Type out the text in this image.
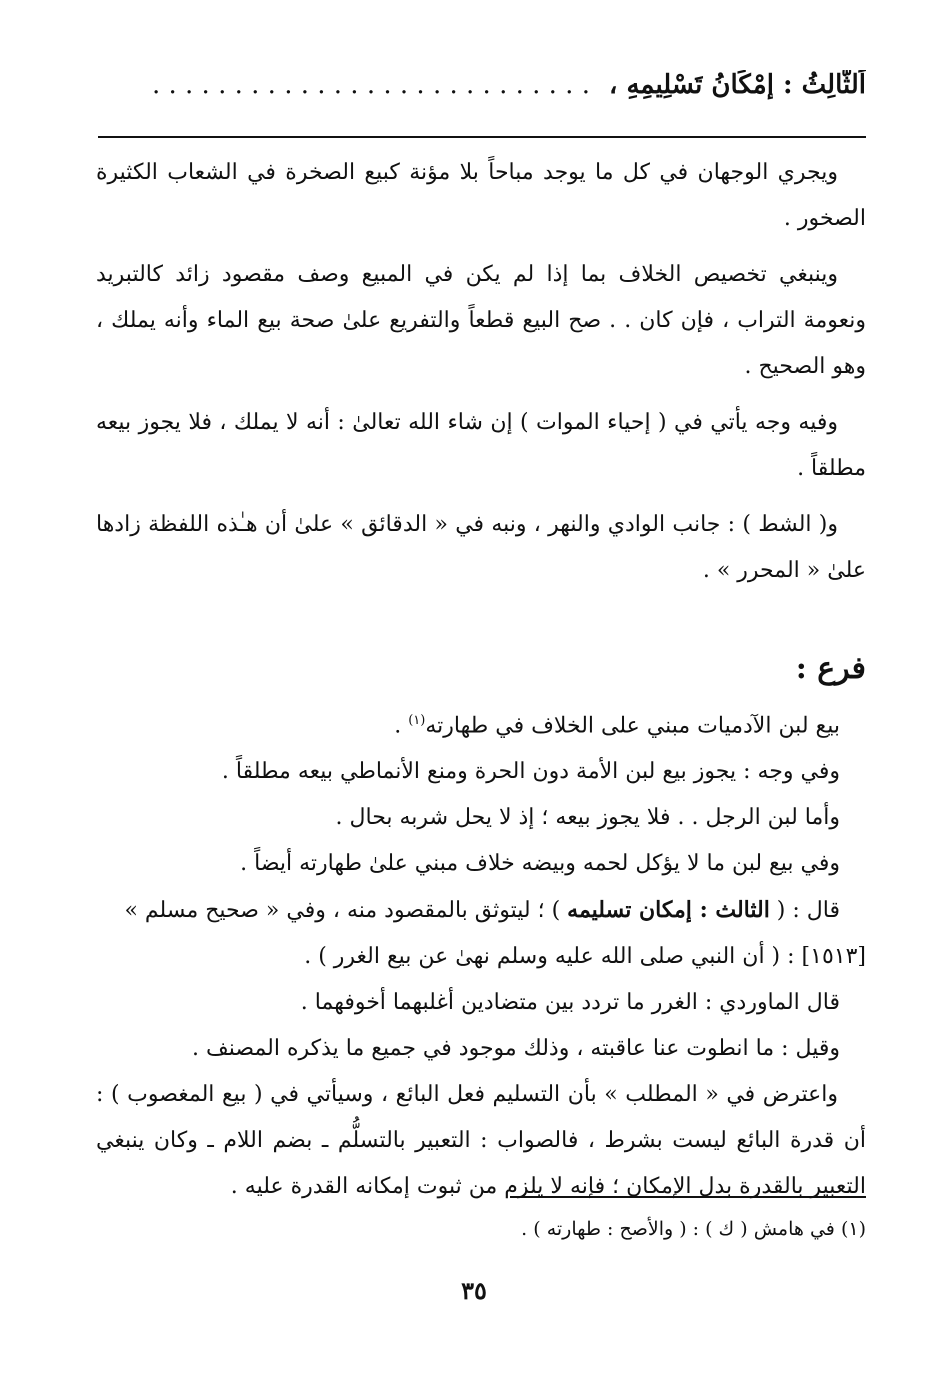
اَلثَّالِثُ : إِمْكَانُ تَسْلِيمِهِ ، . . . . . . . . . . . . . . . . . . . . . . . . . . .

ويجري الوجهان في كل ما يوجد مباحاً بلا مؤنة كبيع الصخرة في الشعاب الكثيرة الصخور .

وينبغي تخصيص الخلاف بما إذا لم يكن في المبيع وصف مقصود زائد كالتبريد ونعومة التراب ، فإن كان . . صح البيع قطعاً والتفريع علىٰ صحة بيع الماء وأنه يملك ، وهو الصحيح .

وفيه وجه يأتي في ( إحياء الموات ) إن شاء الله تعالىٰ : أنه لا يملك ، فلا يجوز بيعه مطلقاً .

و( الشط ) : جانب الوادي والنهر ، ونبه في « الدقائق » علىٰ أن هـٰذه اللفظة زادها علىٰ « المحرر » .

فرع :

بيع لبن الآدميات مبني على الخلاف في طهارته$^{(١)}$ .

وفي وجه : يجوز بيع لبن الأمة دون الحرة ومنع الأنماطي بيعه مطلقاً .

وأما لبن الرجل . . فلا يجوز بيعه ؛ إذ لا يحل شربه بحال .

وفي بيع لبن ما لا يؤكل لحمه وبيضه خلاف مبني علىٰ طهارته أيضاً .

قال : ( الثالث : إمكان تسليمه ) ؛ ليتوثق بالمقصود منه ، وفي « صحيح مسلم »

[١٥١٣] : ( أن النبي صلى الله عليه وسلم نهىٰ عن بيع الغرر ) .

قال الماوردي : الغرر ما تردد بين متضادين أغلبهما أخوفهما .

وقيل : ما انطوت عنا عاقبته ، وذلك موجود في جميع ما يذكره المصنف .

واعترض في « المطلب » بأن التسليم فعل البائع ، وسيأتي في ( بيع المغصوب ) : أن قدرة البائع ليست بشرط ، فالصواب : التعبير بالتسلُّم ـ بضم اللام ـ وكان ينبغي التعبير بالقدرة بدل الإمكان ؛ فإنه لا يلزم من ثبوت إمكانه القدرة عليه .

(١) في هامش ( ك ) : ( والأصح : طهارته ) .
٣٥
